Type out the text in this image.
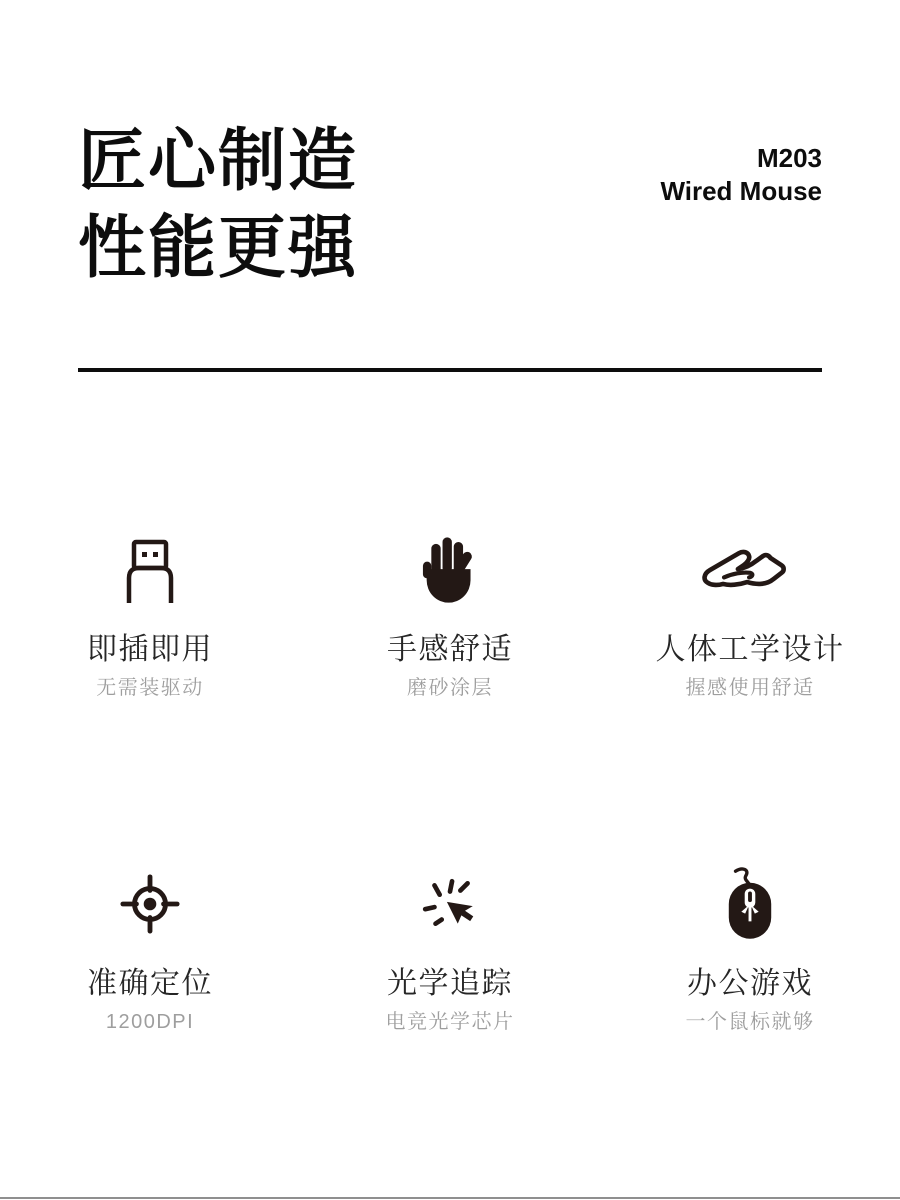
匠心制造
性能更强
M203
Wired Mouse
即插即用
无需装驱动
手感舒适
磨砂涂层
人体工学设计
握感使用舒适
准确定位
1200DPI
光学追踪
电竞光学芯片
办公游戏
一个鼠标就够
